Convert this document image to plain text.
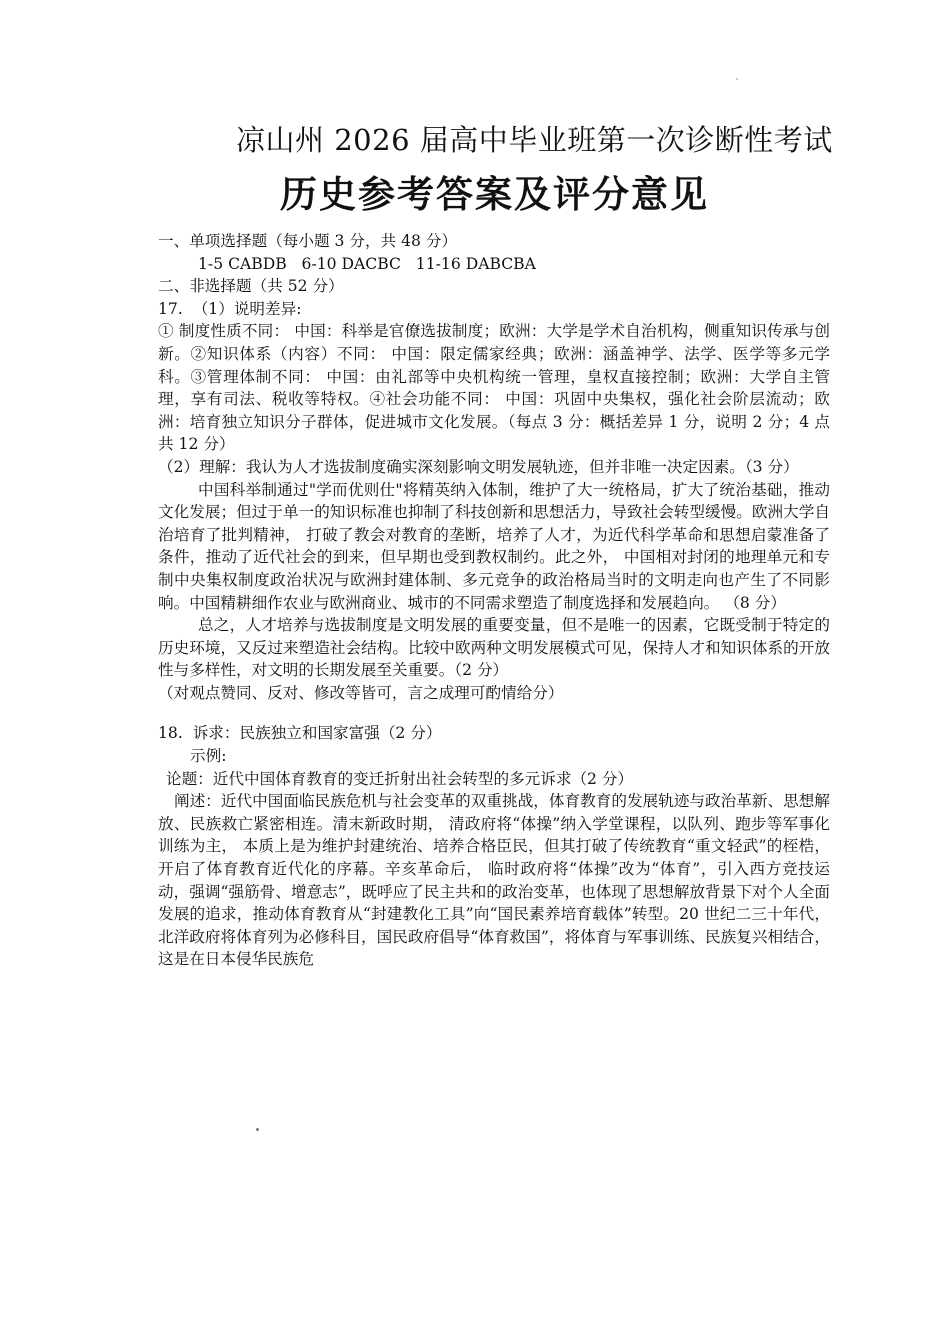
凉山州 2026 届高中毕业班第一次诊断性考试
历史参考答案及评分意见
一、单项选择题（每小题 3 分，共 48 分）
1-5 CABDB   6-10 DACBC   11-16 DABCBA
二、非选择题（共 52 分）
17.  （1）说明差异:
① 制度性质不同： 中国：科举是官僚选拔制度；欧洲：大学是学术自治机构，侧重知识传承与创新。②知识体系（内容）不同： 中国：限定儒家经典；欧洲：涵盖神学、法学、医学等多元学科。③管理体制不同： 中国：由礼部等中央机构统一管理，皇权直接控制；欧洲：大学自主管理，享有司法、税收等特权。④社会功能不同： 中国：巩固中央集权，强化社会阶层流动；欧洲：培育独立知识分子群体，促进城市文化发展。（每点 3 分：概括差异 1 分，说明 2 分；4 点共 12 分）
（2）理解：我认为人才选拔制度确实深刻影响文明发展轨迹，但并非唯一决定因素。（3 分）
中国科举制通过"学而优则仕"将精英纳入体制，维护了大一统格局，扩大了统治基础，推动文化发展；但过于单一的知识标准也抑制了科技创新和思想活力，导致社会转型缓慢。欧洲大学自治培育了批判精神， 打破了教会对教育的垄断，培养了人才，为近代科学革命和思想启蒙准备了条件，推动了近代社会的到来，但早期也受到教权制约。此之外， 中国相对封闭的地理单元和专制中央集权制度政治状况与欧洲封建体制、多元竞争的政治格局当时的文明走向也产生了不同影响。中国精耕细作农业与欧洲商业、城市的不同需求塑造了制度选择和发展趋向。 （8 分）
总之，人才培养与选拔制度是文明发展的重要变量，但不是唯一的因素，它既受制于特定的历史环境，又反过来塑造社会结构。比较中欧两种文明发展模式可见，保持人才和知识体系的开放性与多样性，对文明的长期发展至关重要。（2 分）
（对观点赞同、反对、修改等皆可，言之成理可酌情给分）
18.  诉求：民族独立和国家富强（2 分）
示例:
论题：近代中国体育教育的变迁折射出社会转型的多元诉求（2 分）
阐述：近代中国面临民族危机与社会变革的双重挑战，体育教育的发展轨迹与政治革新、思想解放、民族救亡紧密相连。清末新政时期， 清政府将“体操”纳入学堂课程，以队列、跑步等军事化训练为主， 本质上是为维护封建统治、培养合格臣民，但其打破了传统教育“重文轻武”的桎梏，开启了体育教育近代化的序幕。辛亥革命后， 临时政府将“体操”改为“体育”，引入西方竞技运动，强调“强筋骨、增意志”，既呼应了民主共和的政治变革，也体现了思想解放背景下对个人全面发展的追求，推动体育教育从“封建教化工具”向“国民素养培育载体”转型。20 世纪二三十年代，北洋政府将体育列为必修科目，国民政府倡导“体育救国”，将体育与军事训练、民族复兴相结合， 这是在日本侵华民族危
